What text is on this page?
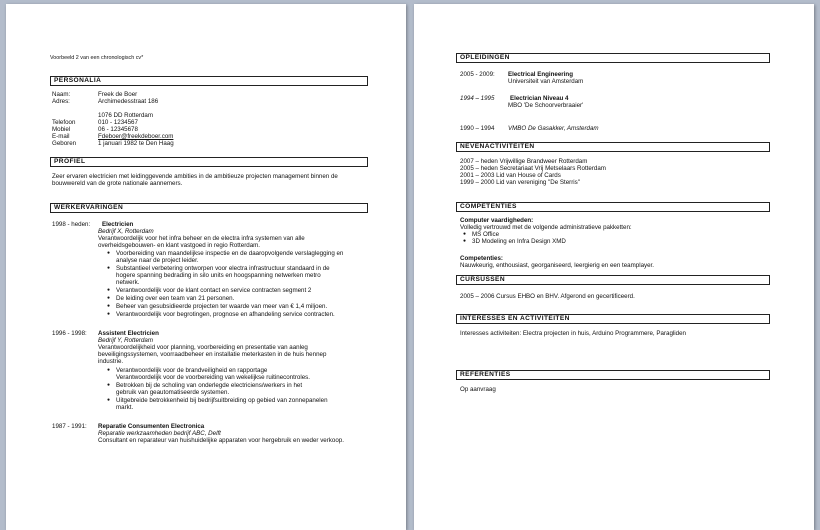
Voorbeeld 2 van een chronologisch cv*
PERSONALIA
Naam:
Adres:
Telefoon
Mobiel
E-mail
Geboren
Freek de Boer
Archimedesstraat 186
1076 DD Rotterdam
010 - 1234567
06 - 12345678
Fdeboer@freekdeboer.com
1 januari 1982 te Den Haag
PROFIEL
Zeer ervaren electricien met leidinggevende ambities in de ambitieuze projecten management binnen de
bouwwereld van de grote nationale aannemers.
WERKERVARINGEN
1998 - heden: Electricien
Bedrijf X, Rotterdam
Verantwoordelijk voor het infra beheer en de electra infra systemen van alle
overheidsgebouwen- en klant vastgoed in regio Rotterdam.
● Voorbereiding van maandelijkse inspectie en de daaropvolgende verslaglegging en
analyse naar de project leider.
● Substantieel verbetering ontworpen voor electra infrastructuur standaard in de
hogere spanning bedrading in silo units en hoogspanning netwerken metro
netwerk.
● Verantwoordelijk voor de klant contact en service contracten segment 2
● De leiding over een team van 21 personen.
● Beheer van gesubsidieerde projecten ter waarde van meer van € 1,4 miljoen.
● Verantwoordelijk voor begrotingen, prognose en afhandeling service contracten.
1996 - 1998: Assistent Electricien
Bedrijf Y, Rotterdam
Verantwoordelijkheid voor planning, voorbereiding en presentatie van aanleg
beveiligingssystemen, voorraadbeheer en installatie meterkasten in de huis hennep
industrie.
● Verantwoordelijk voor de brandveiligheid en rapportage
Verantwoordelijk voor de voorbereiding van wekelijkse ruitinecontroles.
● Betrokken bij de scholing van onderlegde electriciens/werkers in het
gebruik van geautomatiseerde systemen.
● Uitgebreide betrokkenheid bij bedrijfsuitbreiding op gebied van zonnepanelen
markt.
1987 - 1991: Reparatie Consumenten Electronica
Reparatie werkzaamheden bedrijf ABC, Delft
Consultant en reparateur van huishuidelijke apparaten voor hergebruik en weder verkoop.
OPLEIDINGEN
2005 - 2009: Electrical Engineering
Universiteit van Amsterdam
1994 – 1995	Electrician Niveau 4
MBO 'De Schoorverbraaier'
1990 – 1994 VMBO De Gasakker, Amsterdam
NEVENACTIVITEITEN
2007 – heden Vrijwillige Brandweer Rotterdam
2005 – heden Secretariaat Vrij Metselaars Rotterdam
2001 – 2003 Lid van House of Cards
1999 – 2000 Lid van vereniging "De Sterris"
COMPETENTIES
Computer vaardigheden:
Volledig vertrouwd met de volgende administratieve pakketten:
● MS Office
● 3D Modeling en Infra Design XMD
Competenties:
Nauwkeurig, enthousiast, georganiseerd, leergierig en een teamplayer.
CURSUSSEN
2005 – 2006 Cursus EHBO en BHV. Afgerond en gecertificeerd.
INTERESSES EN ACTIVITEITEN
Interesses activiteiten: Electra projecten in huis, Arduino Programmere, Paragliden
REFERENTIES
Op aanvraag
